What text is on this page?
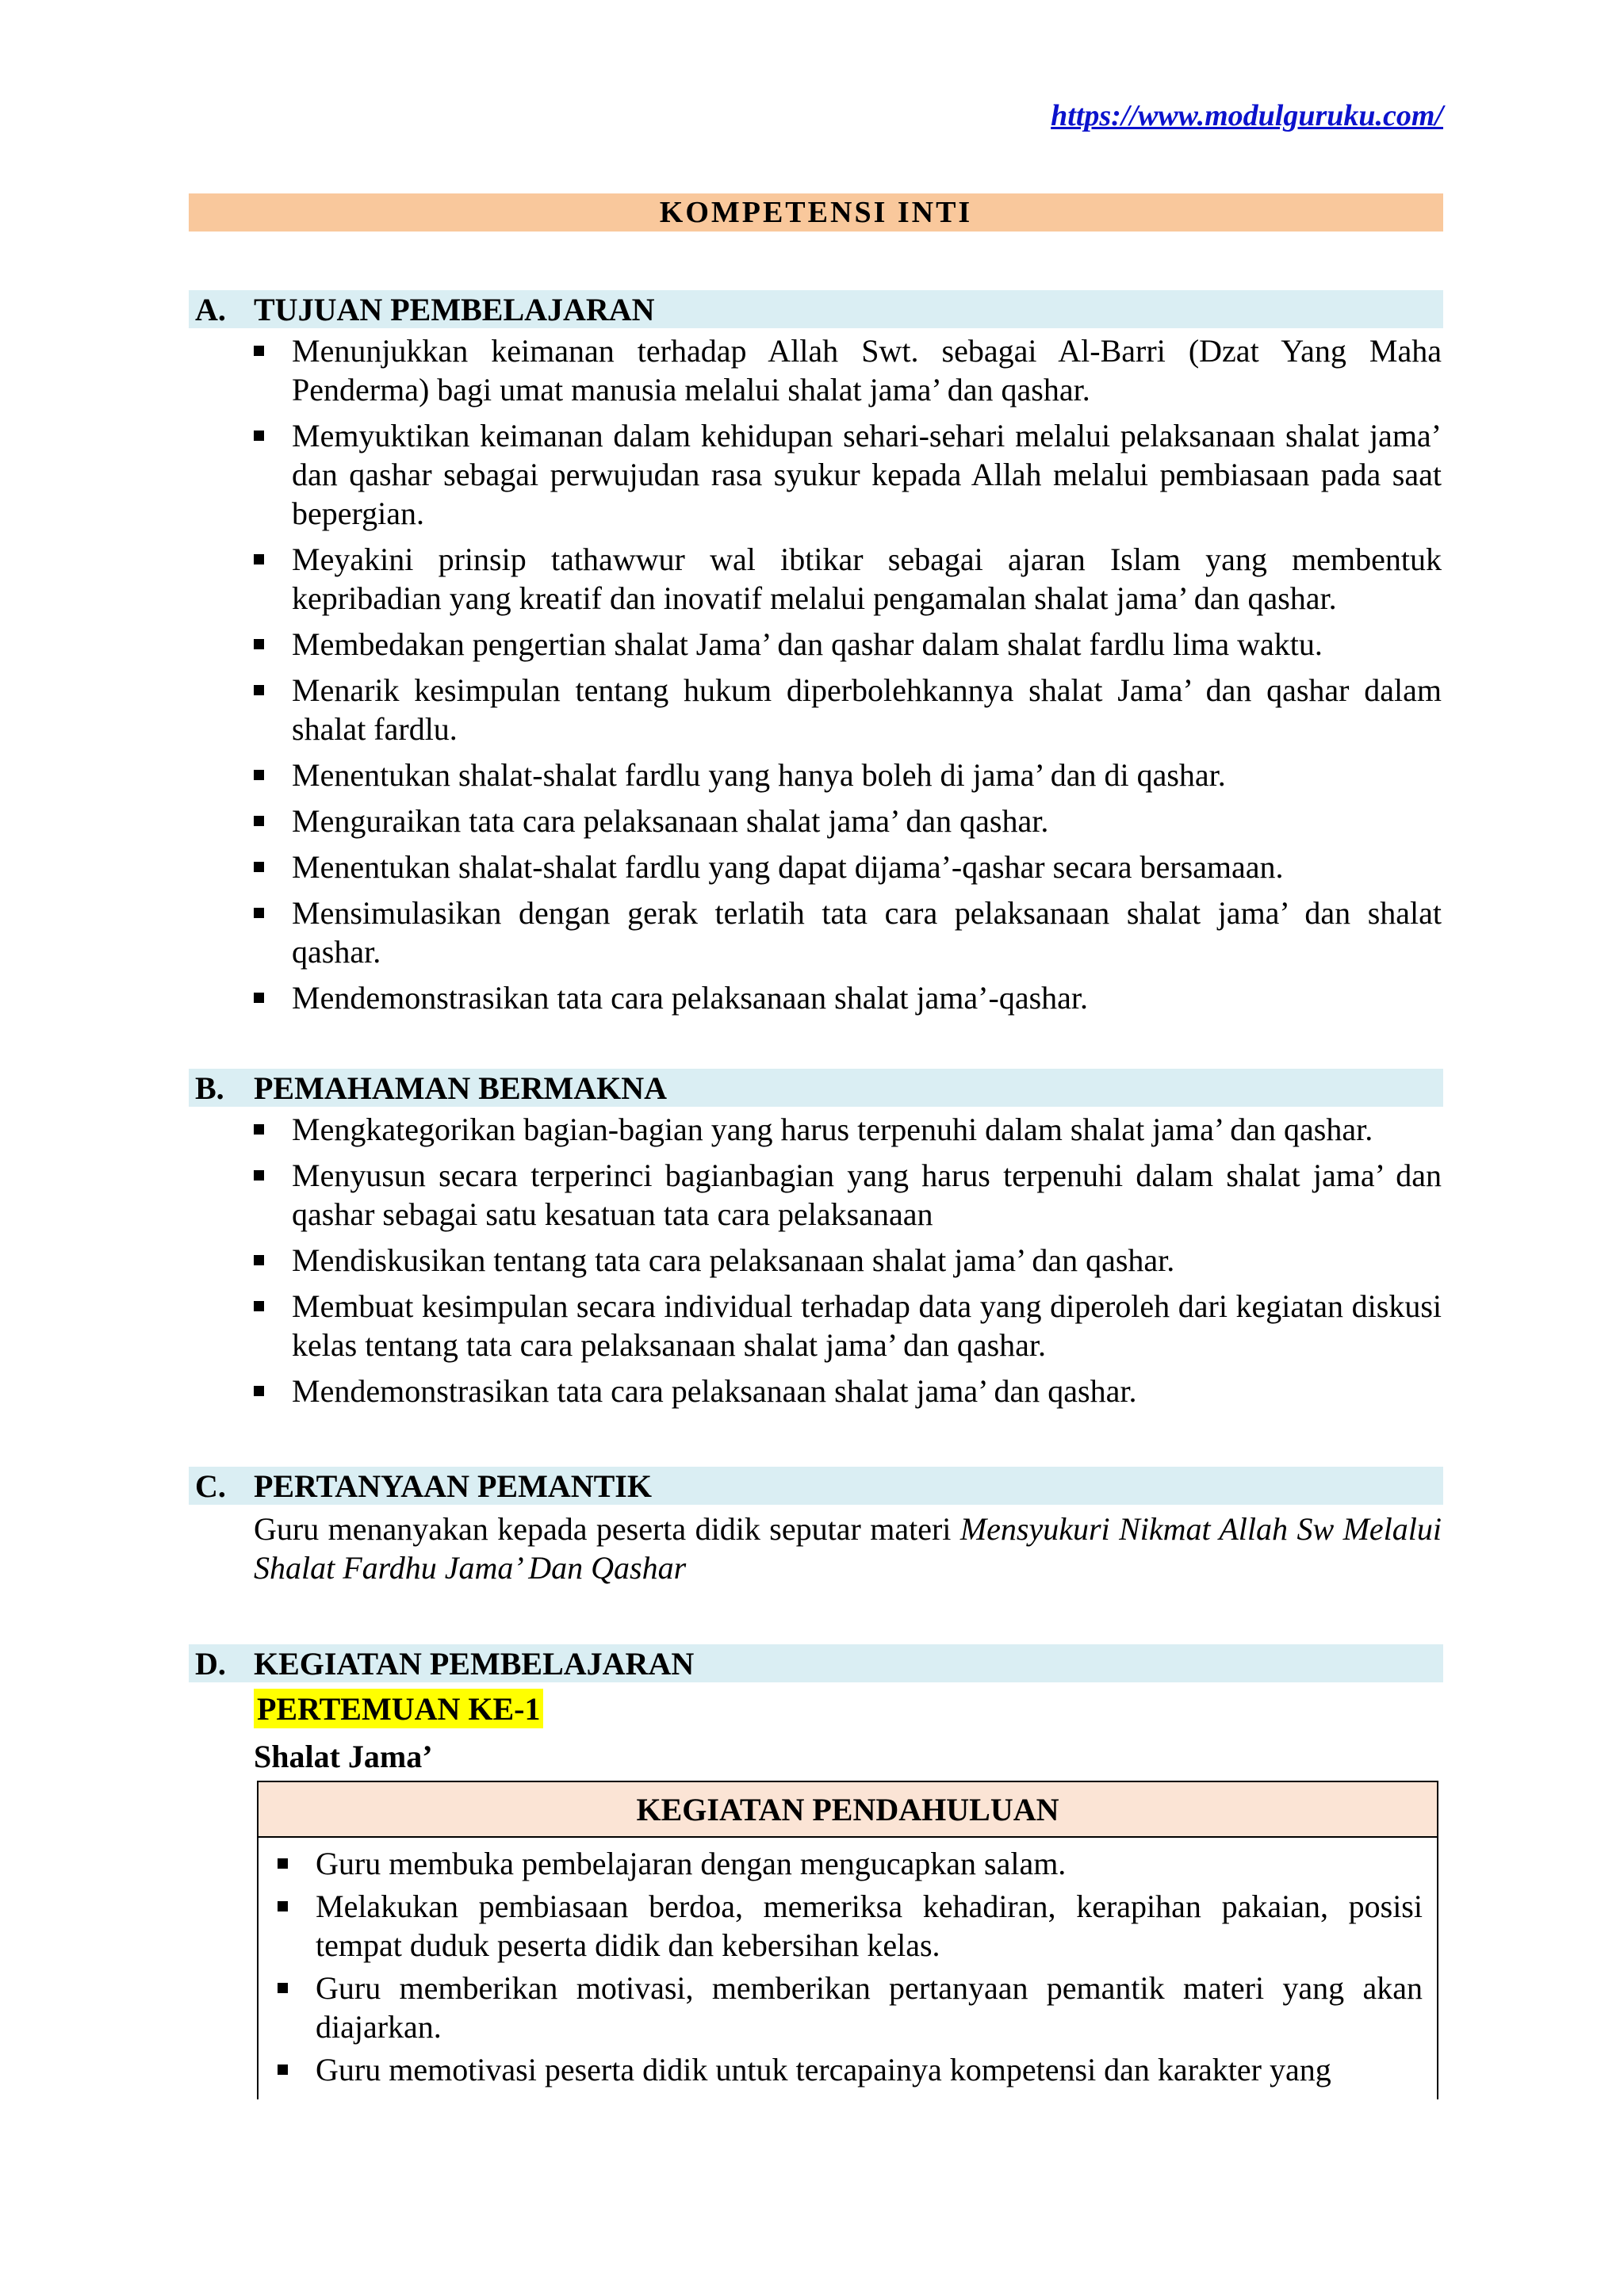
https://www.modulguruku.com/
KOMPETENSI INTI
A. TUJUAN PEMBELAJARAN
Menunjukkan keimanan terhadap Allah Swt. sebagai Al-Barri (Dzat Yang Maha Penderma) bagi umat manusia melalui shalat jama’ dan qashar.
Memyuktikan keimanan dalam kehidupan sehari-sehari melalui pelaksanaan shalat jama’ dan qashar sebagai perwujudan rasa syukur kepada Allah melalui pembiasaan pada saat bepergian.
Meyakini prinsip tathawwur wal ibtikar sebagai ajaran Islam yang membentuk kepribadian yang kreatif dan inovatif melalui pengamalan shalat jama’ dan qashar.
Membedakan pengertian shalat Jama’ dan qashar dalam shalat fardlu lima waktu.
Menarik kesimpulan tentang hukum diperbolehkannya shalat Jama’ dan qashar dalam shalat fardlu.
Menentukan shalat-shalat fardlu yang hanya boleh di jama’ dan di qashar.
Menguraikan tata cara pelaksanaan shalat jama’ dan qashar.
Menentukan shalat-shalat fardlu yang dapat dijama’-qashar secara bersamaan.
Mensimulasikan dengan gerak terlatih tata cara pelaksanaan shalat jama’ dan shalat qashar.
Mendemonstrasikan tata cara pelaksanaan shalat jama’-qashar.
B. PEMAHAMAN BERMAKNA
Mengkategorikan bagian-bagian yang harus terpenuhi dalam shalat jama’ dan qashar.
Menyusun secara terperinci bagianbagian yang harus terpenuhi dalam shalat jama’ dan qashar sebagai satu kesatuan tata cara pelaksanaan
Mendiskusikan tentang tata cara pelaksanaan shalat jama’ dan qashar.
Membuat kesimpulan secara individual terhadap data yang diperoleh dari kegiatan diskusi kelas tentang tata cara pelaksanaan shalat jama’ dan qashar.
Mendemonstrasikan tata cara pelaksanaan shalat jama’ dan qashar.
C. PERTANYAAN PEMANTIK
Guru menanyakan kepada peserta didik seputar materi Mensyukuri Nikmat Allah Sw Melalui Shalat Fardhu Jama’ Dan Qashar
D. KEGIATAN PEMBELAJARAN
PERTEMUAN KE-1
Shalat Jama’
KEGIATAN PENDAHULUAN
Guru membuka pembelajaran dengan mengucapkan salam.
Melakukan pembiasaan berdoa, memeriksa kehadiran, kerapihan pakaian, posisi tempat duduk peserta didik dan kebersihan kelas.
Guru memberikan motivasi, memberikan pertanyaan pemantik materi yang akan diajarkan.
Guru memotivasi peserta didik untuk tercapainya kompetensi dan karakter yang
